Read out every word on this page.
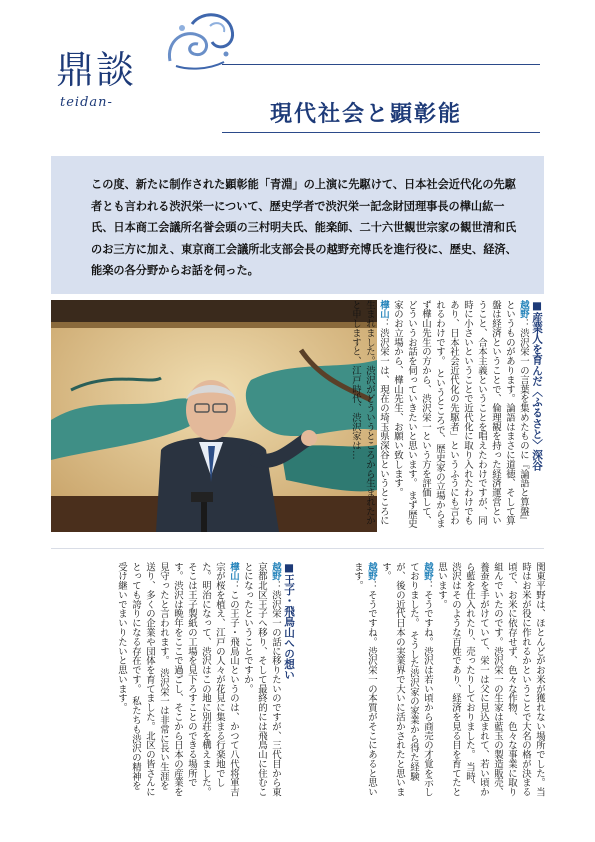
鼎談
teidan-	現代社会と顕彰能

この度、新たに制作された顕彰能「青淵」の上演に先駆けて、日本社会近代化の先駆者とも言われる渋沢栄一について、歴史学者で渋沢栄一記念財団理事長の樺山紘一氏、日本商工会議所名誉会頭の三村明夫氏、能楽師、二十六世観世宗家の観世清和氏のお三方に加え、東京商工会議所北支部会長の越野充博氏を進行役に、歴史、経済、能楽の各分野からお話を伺った。

■産業人を育んだ〈ふるさと〉深谷
越野：渋沢栄一の言葉を集めたものに『論語と算盤』というものがあります。論語はまさに道徳、そして算盤は経済ということで、倫理観を持った経済運営ということ、合本主義ということを唱えたわけですが、同時に小さいということで近代化に取り入れたわけでもあり、日本社会近代化の先駆者」というふうにも言われるわけです。 というところで、歴史家の立場からまず樺山先生の方から、渋沢栄一という方を評価して、どういうお話を伺っていきたいと思います。 まず歴史家のお立場から、樺山先生、お願い致します。
樺山：渋沢栄一は、現在の埼玉県深谷というところに生まれました。渋沢がどういうところから生まれたかと申しますと、江戸時代、渋沢家は…
関東平野は、ほとんどがお米が獲れない場所でした。当時はお米が役に作れるかということで大名の格が決まる頃で、お米に依存せず、色々な作物、色々な事業に取り組んでいたのです。渋沢栄一の生家は藍玉の製造販売、養蚕を手がけていて、栄一は父に見込まれて、若い頃から藍を仕入れたり、売ったりしておりました。 当時、渋沢はそのような百姓であり、経済を見る目を育てたと思います。
越野：そうですね。渋沢は若い頃から商売の才覚を示しておりました。 そうした渋沢家の家業から得た経験が、後の近代日本の実業界で大いに活かされたと思います。
越野：そうですね。渋沢栄一の本質がそこにあると思います。
■王子・飛鳥山への想い
越野：渋沢栄一の話に移りたいのですが、三代目から東京都北区王子へ移り、そして最終的には飛鳥山に住むことになったということですか。
樺山：この王子・飛鳥山というのは、かつて八代将軍吉宗が桜を植え、江戸の人々が花見に集まる行楽地でした。明治になって、渋沢はこの地に別荘を構えました。 そこは王子製紙の工場を見下ろすことのできる場所です。渋沢は晩年をここで過ごし、そこから日本の産業を見守ったと言われます。 渋沢栄一は非常に長い生涯を送り、多くの企業や団体を育てました。北区の皆さんにとっても誇りになる存在です。 私たちも渋沢の精神を受け継いでまいりたいと思います。
